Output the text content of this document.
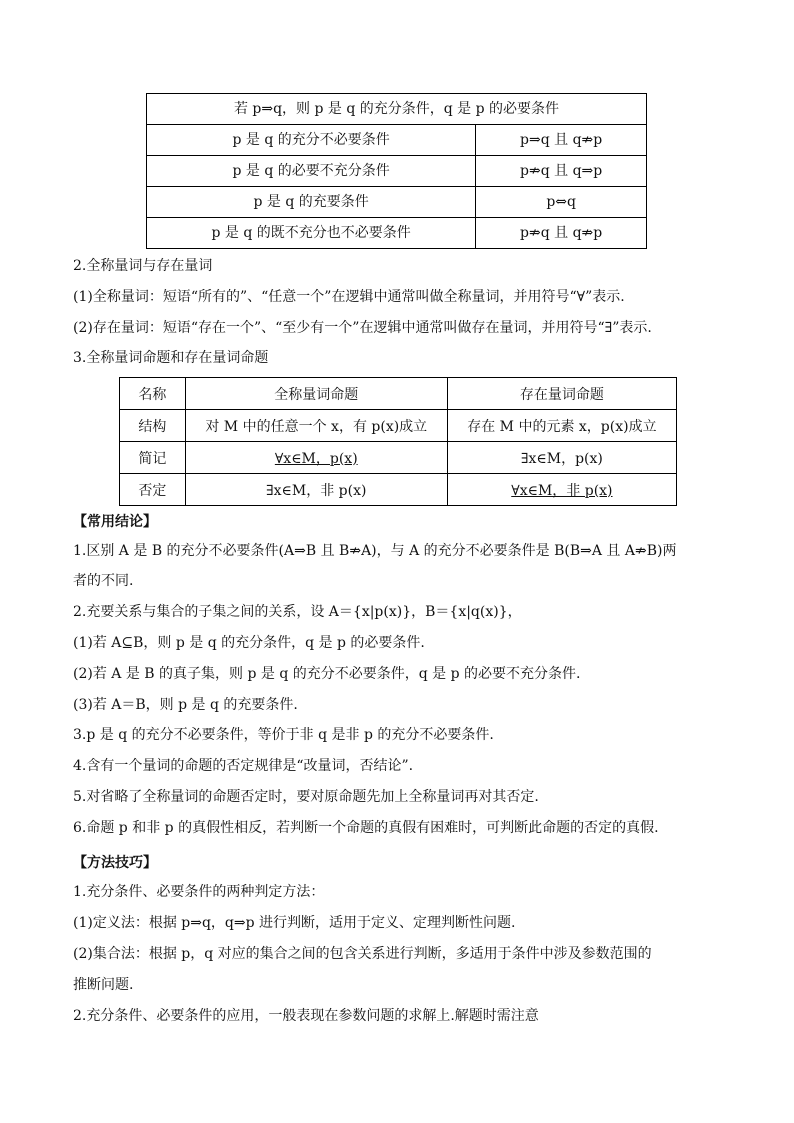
若 p⇒q，则 p 是 q 的充分条件，q 是 p 的必要条件	
p 是 q 的充分不必要条件	p⇒q 且 q⇏p
p 是 q 的必要不充分条件	p⇏q 且 q⇒p
p 是 q 的充要条件	p⇔q
p 是 q 的既不充分也不必要条件	p⇏q 且 q⇏p
2.全称量词与存在量词
(1)全称量词：短语“所有的”、“任意一个”在逻辑中通常叫做全称量词，并用符号“∀”表示.
(2)存在量词：短语“存在一个”、“至少有一个”在逻辑中通常叫做存在量词，并用符号“∃”表示.
3.全称量词命题和存在量词命题
名称	全称量词命题	存在量词命题
结构	对 M 中的任意一个 x，有 p(x)成立	存在 M 中的元素 x，p(x)成立
简记	∀x∈M，p(x)	∃x∈M，p(x)
否定	∃x∈M，非 p(x)	∀x∈M，非 p(x)
【常用结论】
1.区别 A 是 B 的充分不必要条件(A⇒B 且 B⇏A)，与 A 的充分不必要条件是 B(B⇒A 且 A⇏B)两
者的不同.
2.充要关系与集合的子集之间的关系，设 A＝{x|p(x)}，B＝{x|q(x)}，
(1)若 A⊆B，则 p 是 q 的充分条件，q 是 p 的必要条件.
(2)若 A 是 B 的真子集，则 p 是 q 的充分不必要条件，q 是 p 的必要不充分条件.
(3)若 A＝B，则 p 是 q 的充要条件.
3.p 是 q 的充分不必要条件，等价于非 q 是非 p 的充分不必要条件.
4.含有一个量词的命题的否定规律是“改量词，否结论”.
5.对省略了全称量词的命题否定时，要对原命题先加上全称量词再对其否定.
6.命题 p 和非 p 的真假性相反，若判断一个命题的真假有困难时，可判断此命题的否定的真假.
【方法技巧】
1.充分条件、必要条件的两种判定方法：
(1)定义法：根据 p⇒q，q⇒p 进行判断，适用于定义、定理判断性问题.
(2)集合法：根据 p，q 对应的集合之间的包含关系进行判断，多适用于条件中涉及参数范围的
推断问题.
2.充分条件、必要条件的应用，一般表现在参数问题的求解上.解题时需注意
